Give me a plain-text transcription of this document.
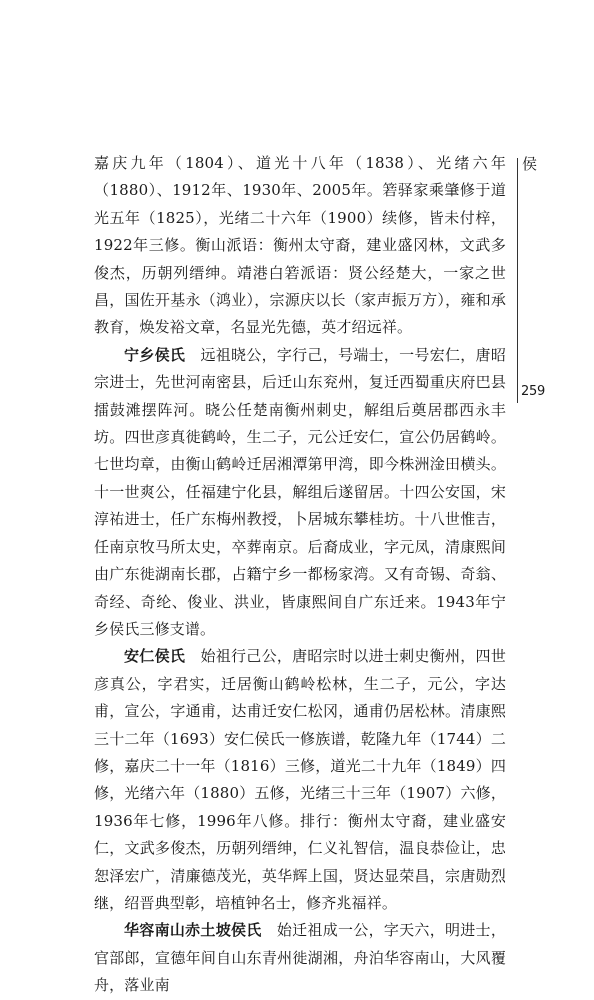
嘉庆九年（1804）、道光十八年（1838）、光绪六年（1880）、1912年、1930年、2005年。箬驿家乘肇修于道光五年（1825），光绪二十六年（1900）续修，皆未付梓，1922年三修。衡山派语：衡州太守裔，建业盛冈林，文武多俊杰，历朝列缙绅。靖港白箬派语：贤公经楚大，一家之世昌，国佐开基永（鸿业），宗源庆以长（家声振万方），雍和承教育，焕发裕文章，名显光先德，英才绍远祥。

宁乡侯氏　 远祖晓公，字行己，号端士，一号宏仁，唐昭宗进士，先世河南密县，后迁山东兖州，复迁西蜀重庆府巴县擂鼓滩摆阵河。晓公任楚南衡州刺史，解组后奠居郡西永丰坊。四世彦真徙鹤岭，生二子，元公迁安仁，宣公仍居鹤岭。七世均章，由衡山鹤岭迁居湘潭第甲湾，即今株洲淦田横头。十一世爽公，任福建宁化县，解组后遂留居。十四公安国，宋淳祐进士，任广东梅州教授，卜居城东攀桂坊。十八世惟吉，任南京牧马所太史，卒葬南京。后裔成业，字元凤，清康熙间由广东徙湖南长郡，占籍宁乡一都杨家湾。又有奇锡、奇翁、奇经、奇纶、俊业、洪业，皆康熙间自广东迁来。1943年宁乡侯氏三修支谱。

安仁侯氏　 始祖行己公，唐昭宗时以进士刺史衡州，四世彦真公，字君实，迁居衡山鹤岭松林，生二子，元公，字达甫，宣公，字通甫，达甫迁安仁松冈，通甫仍居松林。清康熙三十二年（1693）安仁侯氏一修族谱，乾隆九年（1744）二修，嘉庆二十一年（1816）三修，道光二十九年（1849）四修，光绪六年（1880）五修，光绪三十三年（1907）六修，1936年七修，1996年八修。排行：衡州太守裔，建业盛安仁，文武多俊杰，历朝列缙绅，仁义礼智信，温良恭俭让，忠恕泽宏广，清廉德茂光，英华辉上国，贤达显荣昌，宗唐勋烈继，绍晋典型彰，培植钟名士，修齐兆福祥。

华容南山赤土坡侯氏　 始迁祖成一公，字天六，明进士，官部郎，宣德年间自山东青州徙湖湘，舟泊华容南山，大风覆舟，落业南

侯
259
